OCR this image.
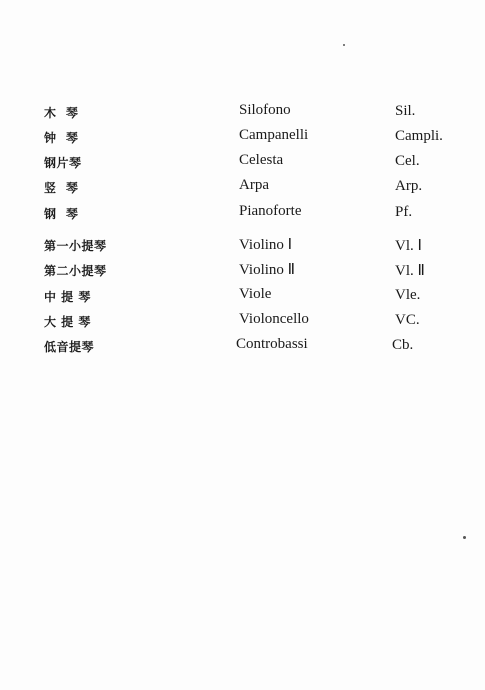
木  琴	Silofono	Sil.
钟  琴	Campanelli	Campli.
钢片琴	Celesta	Cel.
竖  琴	Arpa	Arp.
钢  琴	Pianoforte	Pf.
第一小提琴	Violino Ⅰ	Vl. Ⅰ
第二小提琴	Violino Ⅱ	Vl. Ⅱ
中 提 琴	Viole	Vle.
大 提 琴	Violoncello	VC.
低音提琴	Controbassi	Cb.
